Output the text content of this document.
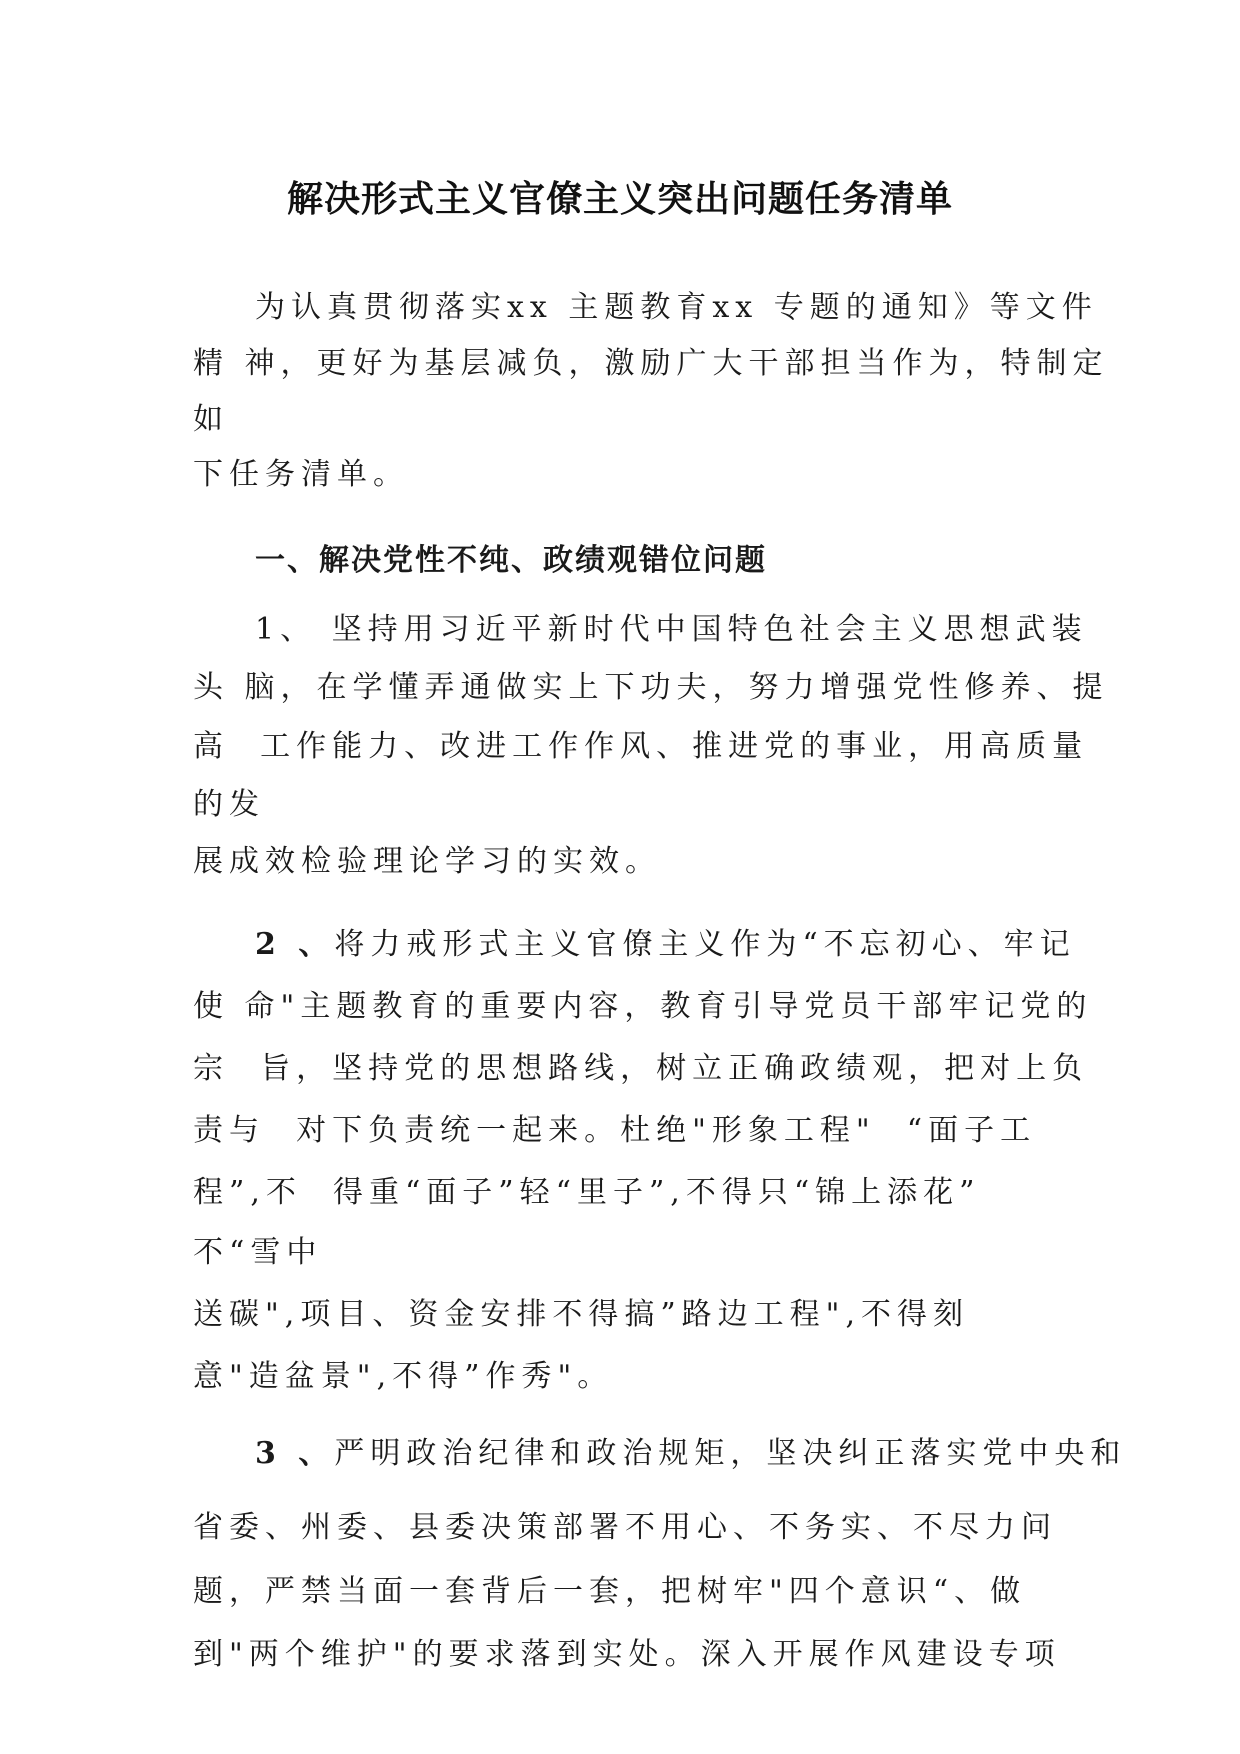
解决形式主义官僚主义突出问题任务清单
为认真贯彻落实xx 主题教育xx 专题的通知》等文件
精 神，更好为基层减负，激励广大干部担当作为，特制定
如
下任务清单。
一、解决党性不纯、政绩观错位问题
1、 坚持用习近平新时代中国特色社会主义思想武装
头 脑，在学懂弄通做实上下功夫，努力增强党性修养、提
高  工作能力、改进工作作风、推进党的事业，用高质量
的发
展成效检验理论学习的实效。
2 、将力戒形式主义官僚主义作为“不忘初心、牢记
使 命"主题教育的重要内容，教育引导党员干部牢记党的
宗  旨，坚持党的思想路线，树立正确政绩观，把对上负
责与  对下负责统一起来。杜绝"形象工程"  “面子工
程”,不  得重“面子”轻“里子”,不得只“锦上添花”
不“雪中
送碳",项目、资金安排不得搞”路边工程",不得刻
意"造盆景",不得”作秀"。
3 、严明政治纪律和政治规矩，坚决纠正落实党中央和
省委、州委、县委决策部署不用心、不务实、不尽力问
题，严禁当面一套背后一套，把树牢"四个意识“、做
到"两个维护"的要求落到实处。深入开展作风建设专项
